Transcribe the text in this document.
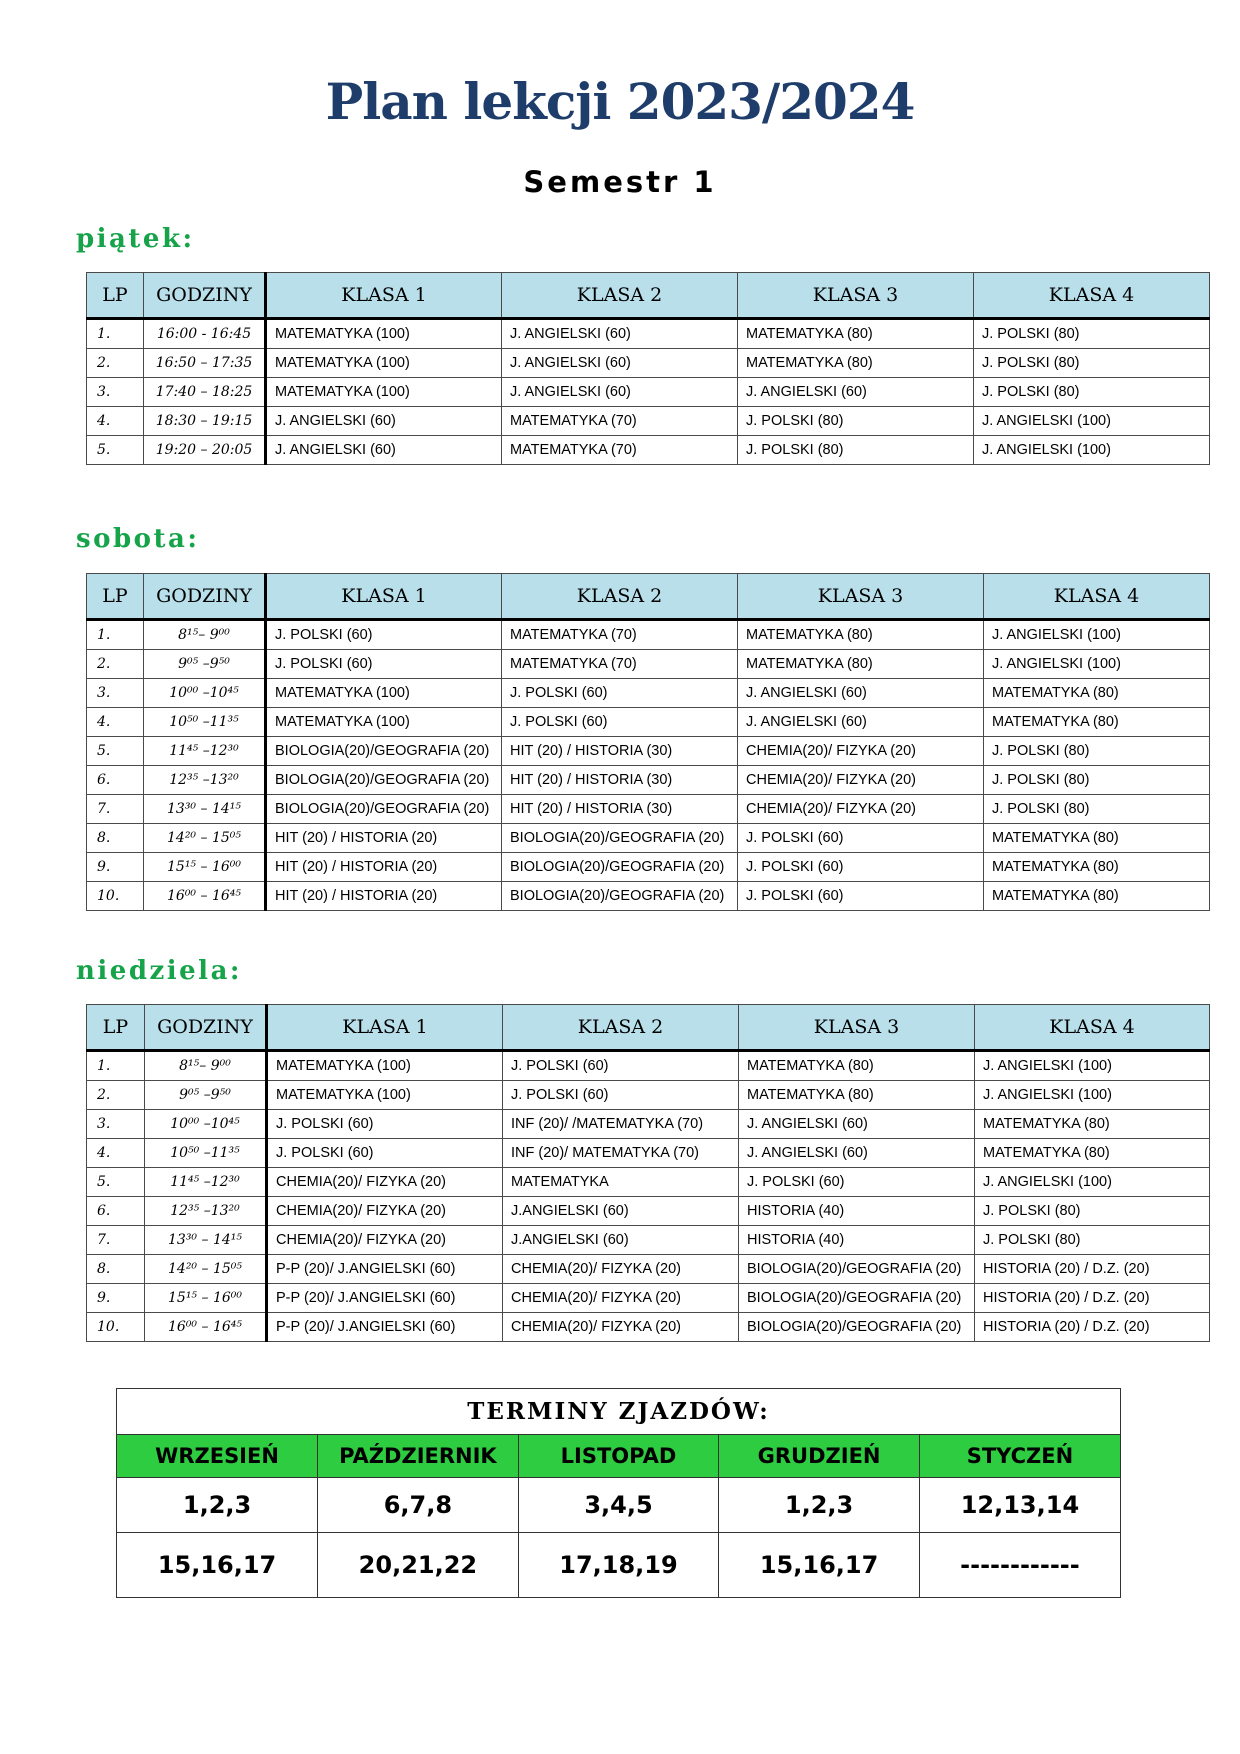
Plan lekcji 2023/2024
Semestr 1
piątek:
LP	GODZINY	KLASA 1	KLASA 2	KLASA 3	KLASA 4
1.	16:00 - 16:45	MATEMATYKA (100)	J. ANGIELSKI (60)	MATEMATYKA (80)	J. POLSKI (80)
2.	16:50 – 17:35	MATEMATYKA (100)	J. ANGIELSKI (60)	MATEMATYKA (80)	J. POLSKI (80)
3.	17:40 – 18:25	MATEMATYKA (100)	J. ANGIELSKI (60)	J. ANGIELSKI (60)	J. POLSKI (80)
4.	18:30 – 19:15	J. ANGIELSKI (60)	MATEMATYKA (70)	J. POLSKI (80)	J. ANGIELSKI (100)
5.	19:20 – 20:05	J. ANGIELSKI (60)	MATEMATYKA (70)	J. POLSKI (80)	J. ANGIELSKI (100)
sobota:
LP	GODZINY	KLASA 1	KLASA 2	KLASA 3	KLASA 4
1.	8¹⁵– 9⁰⁰	J. POLSKI (60)	MATEMATYKA (70)	MATEMATYKA (80)	J. ANGIELSKI (100)
2.	9⁰⁵ –9⁵⁰	J. POLSKI (60)	MATEMATYKA (70)	MATEMATYKA (80)	J. ANGIELSKI (100)
3.	10⁰⁰ –10⁴⁵	MATEMATYKA (100)	J. POLSKI (60)	J. ANGIELSKI (60)	MATEMATYKA (80)
4.	10⁵⁰ –11³⁵	MATEMATYKA (100)	J. POLSKI (60)	J. ANGIELSKI (60)	MATEMATYKA (80)
5.	11⁴⁵ –12³⁰	BIOLOGIA(20)/GEOGRAFIA (20)	HIT (20) / HISTORIA (30)	CHEMIA(20)/ FIZYKA (20)	J. POLSKI (80)
6.	12³⁵ –13²⁰	BIOLOGIA(20)/GEOGRAFIA (20)	HIT (20) / HISTORIA (30)	CHEMIA(20)/ FIZYKA (20)	J. POLSKI (80)
7.	13³⁰ – 14¹⁵	BIOLOGIA(20)/GEOGRAFIA (20)	HIT (20) / HISTORIA (30)	CHEMIA(20)/ FIZYKA (20)	J. POLSKI (80)
8.	14²⁰ – 15⁰⁵	HIT (20) / HISTORIA (20)	BIOLOGIA(20)/GEOGRAFIA (20)	J. POLSKI (60)	MATEMATYKA (80)
9.	15¹⁵ – 16⁰⁰	HIT (20) / HISTORIA (20)	BIOLOGIA(20)/GEOGRAFIA (20)	J. POLSKI (60)	MATEMATYKA (80)
10.	16⁰⁰ – 16⁴⁵	HIT (20) / HISTORIA (20)	BIOLOGIA(20)/GEOGRAFIA (20)	J. POLSKI (60)	MATEMATYKA (80)
niedziela:
LP	GODZINY	KLASA 1	KLASA 2	KLASA 3	KLASA 4
1.	8¹⁵– 9⁰⁰	MATEMATYKA (100)	J. POLSKI (60)	MATEMATYKA (80)	J. ANGIELSKI (100)
2.	9⁰⁵ –9⁵⁰	MATEMATYKA (100)	J. POLSKI (60)	MATEMATYKA (80)	J. ANGIELSKI (100)
3.	10⁰⁰ –10⁴⁵	J. POLSKI (60)	INF (20)/ /MATEMATYKA (70)	J. ANGIELSKI (60)	MATEMATYKA (80)
4.	10⁵⁰ –11³⁵	J. POLSKI (60)	INF (20)/ MATEMATYKA (70)	J. ANGIELSKI (60)	MATEMATYKA (80)
5.	11⁴⁵ –12³⁰	CHEMIA(20)/ FIZYKA (20)	MATEMATYKA	J. POLSKI (60)	J. ANGIELSKI (100)
6.	12³⁵ –13²⁰	CHEMIA(20)/ FIZYKA (20)	J.ANGIELSKI (60)	HISTORIA (40)	J. POLSKI (80)
7.	13³⁰ – 14¹⁵	CHEMIA(20)/ FIZYKA (20)	J.ANGIELSKI (60)	HISTORIA (40)	J. POLSKI (80)
8.	14²⁰ – 15⁰⁵	P-P (20)/ J.ANGIELSKI (60)	CHEMIA(20)/ FIZYKA (20)	BIOLOGIA(20)/GEOGRAFIA (20)	HISTORIA (20) / D.Z. (20)
9.	15¹⁵ – 16⁰⁰	P-P (20)/ J.ANGIELSKI (60)	CHEMIA(20)/ FIZYKA (20)	BIOLOGIA(20)/GEOGRAFIA (20)	HISTORIA (20) / D.Z. (20)
10.	16⁰⁰ – 16⁴⁵	P-P (20)/ J.ANGIELSKI (60)	CHEMIA(20)/ FIZYKA (20)	BIOLOGIA(20)/GEOGRAFIA (20)	HISTORIA (20) / D.Z. (20)
TERMINY ZJAZDÓW:
WRZESIEŃ	PAŹDZIERNIK	LISTOPAD	GRUDZIEŃ	STYCZEŃ
1,2,3	6,7,8	3,4,5	1,2,3	12,13,14
15,16,17	20,21,22	17,18,19	15,16,17	------------
